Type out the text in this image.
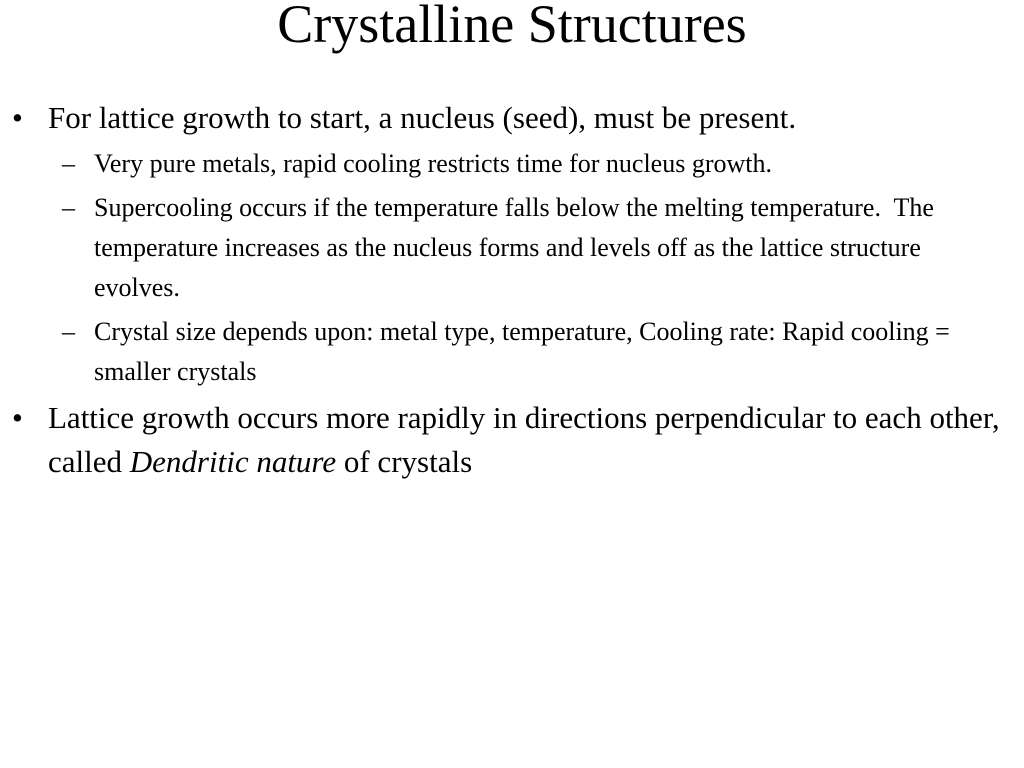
Crystalline Structures
• For lattice growth to start, a nucleus (seed), must be present.
– Very pure metals, rapid cooling restricts time for nucleus growth.
– Supercooling occurs if the temperature falls below the melting temperature.  The temperature increases as the nucleus forms and levels off as the lattice structure evolves.
– Crystal size depends upon: metal type, temperature, Cooling rate: Rapid cooling = smaller crystals
• Lattice growth occurs more rapidly in directions perpendicular to each other, called Dendritic nature of crystals
